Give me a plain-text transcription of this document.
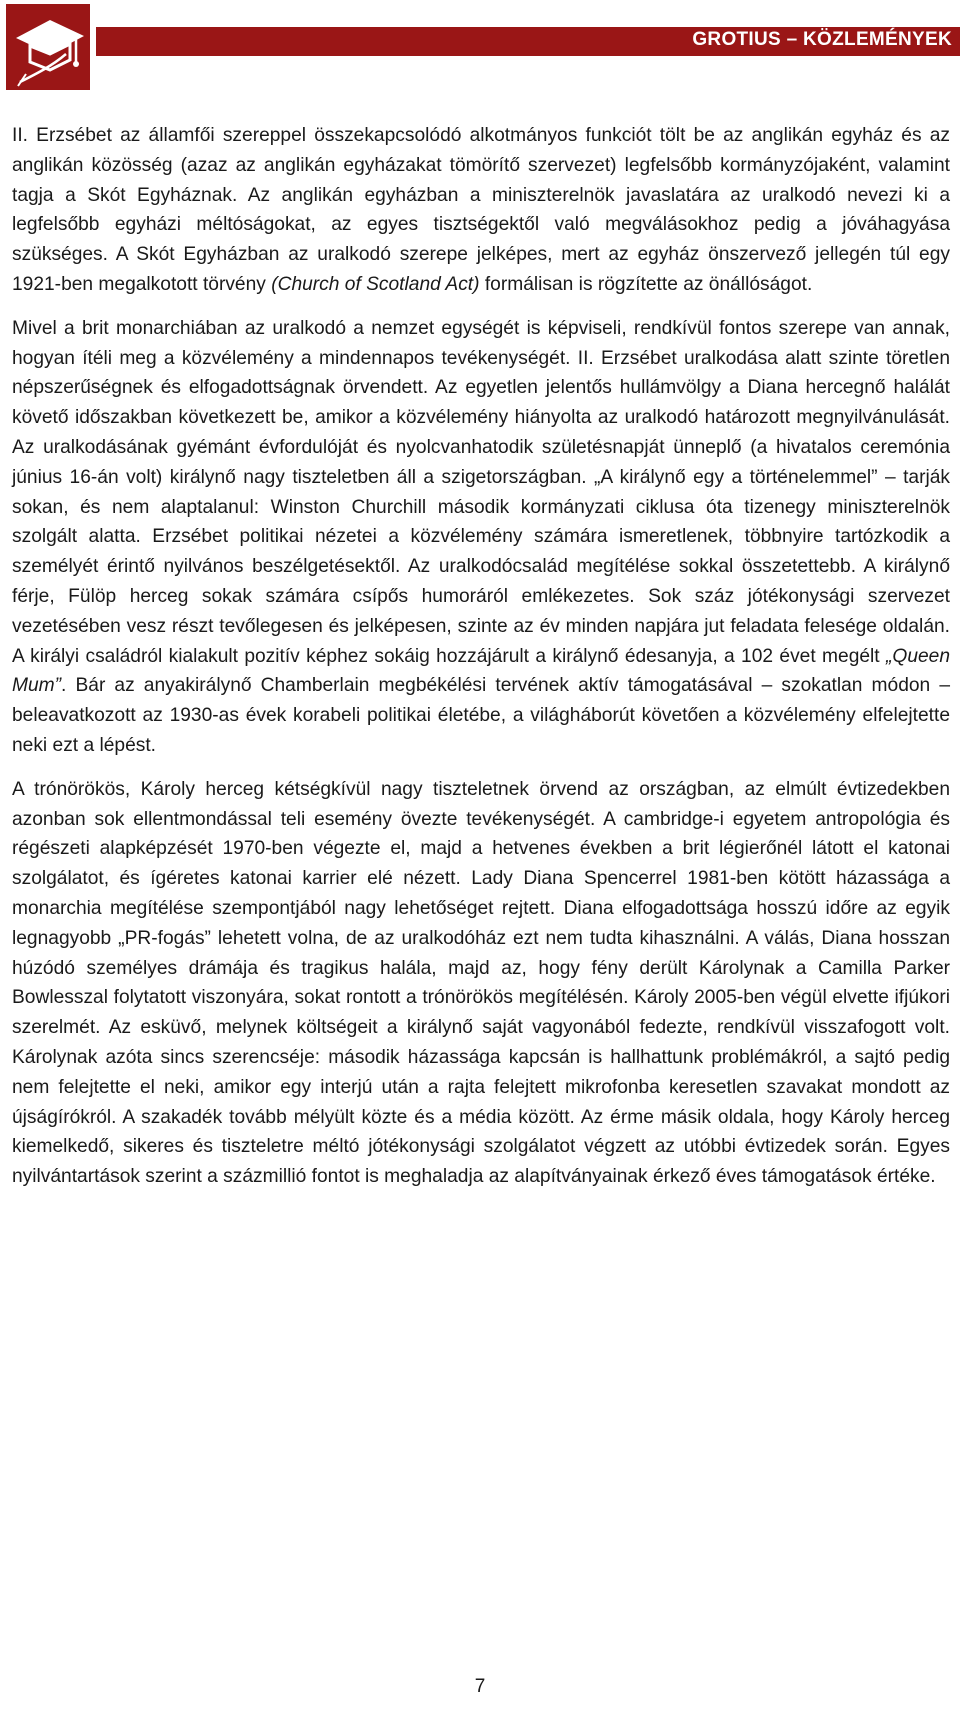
GROTIUS – KÖZLEMÉNYEK

II. Erzsébet az államfői szereppel összekapcsolódó alkotmányos funkciót tölt be az anglikán egyház és az anglikán közösség (azaz az anglikán egyházakat tömörítő szervezet) legfelsőbb kormányzójaként, valamint tagja a Skót Egyháznak. Az anglikán egyházban a miniszterelnök javaslatára az uralkodó nevezi ki a legfelsőbb egyházi méltóságokat, az egyes tisztségektől való megválásokhoz pedig a jóváhagyása szükséges. A Skót Egyházban az uralkodó szerepe jelképes, mert az egyház önszervező jellegén túl egy 1921-ben megalkotott törvény (Church of Scotland Act) formálisan is rögzítette az önállóságot.

Mivel a brit monarchiában az uralkodó a nemzet egységét is képviseli, rendkívül fontos szerepe van annak, hogyan ítéli meg a közvélemény a mindennapos tevékenységét. II. Erzsébet uralkodása alatt szinte töretlen népszerűségnek és elfogadottságnak örvendett. Az egyetlen jelentős hullámvölgy a Diana hercegnő halálát követő időszakban következett be, amikor a közvélemény hiányolta az uralkodó határozott megnyilvánulását. Az uralkodásának gyémánt évfordulóját és nyolcvanhatodik születésnapját ünneplő (a hivatalos ceremónia június 16-án volt) királynő nagy tiszteletben áll a szigetországban. „A királynő egy a történelemmel” – tarják sokan, és nem alaptalanul: Winston Churchill második kormányzati ciklusa óta tizenegy miniszterelnök szolgált alatta. Erzsébet politikai nézetei a közvélemény számára ismeretlenek, többnyire tartózkodik a személyét érintő nyilvános beszélgetésektől. Az uralkodócsalád megítélése sokkal összetettebb. A királynő férje, Fülöp herceg sokak számára csípős humoráról emlékezetes. Sok száz jótékonysági szervezet vezetésében vesz részt tevőlegesen és jelképesen, szinte az év minden napjára jut feladata felesége oldalán. A királyi családról kialakult pozitív képhez sokáig hozzájárult a királynő édesanyja, a 102 évet megélt „Queen Mum”. Bár az anyakirálynő Chamberlain megbékélési tervének aktív támogatásával – szokatlan módon – beleavatkozott az 1930-as évek korabeli politikai életébe, a világháborút követően a közvélemény elfelejtette neki ezt a lépést.

A trónörökös, Károly herceg kétségkívül nagy tiszteletnek örvend az országban, az elmúlt évtizedekben azonban sok ellentmondással teli esemény övezte tevékenységét. A cambridge-i egyetem antropológia és régészeti alapképzését 1970-ben végezte el, majd a hetvenes években a brit légierőnél látott el katonai szolgálatot, és ígéretes katonai karrier elé nézett. Lady Diana Spencerrel 1981-ben kötött házassága a monarchia megítélése szempontjából nagy lehetőséget rejtett. Diana elfogadottsága hosszú időre az egyik legnagyobb „PR-fogás” lehetett volna, de az uralkodóház ezt nem tudta kihasználni. A válás, Diana hosszan húzódó személyes drámája és tragikus halála, majd az, hogy fény derült Károlynak a Camilla Parker Bowlesszal folytatott viszonyára, sokat rontott a trónörökös megítélésén. Károly 2005-ben végül elvette ifjúkori szerelmét. Az esküvő, melynek költségeit a királynő saját vagyonából fedezte, rendkívül visszafogott volt. Károlynak azóta sincs szerencséje: második házassága kapcsán is hallhattunk problémákról, a sajtó pedig nem felejtette el neki, amikor egy interjú után a rajta felejtett mikrofonba keresetlen szavakat mondott az újságírókról. A szakadék tovább mélyült közte és a média között. Az érme másik oldala, hogy Károly herceg kiemelkedő, sikeres és tiszteletre méltó jótékonysági szolgálatot végzett az utóbbi évtizedek során. Egyes nyilvántartások szerint a százmillió fontot is meghaladja az alapítványainak érkező éves támogatások értéke.

7
